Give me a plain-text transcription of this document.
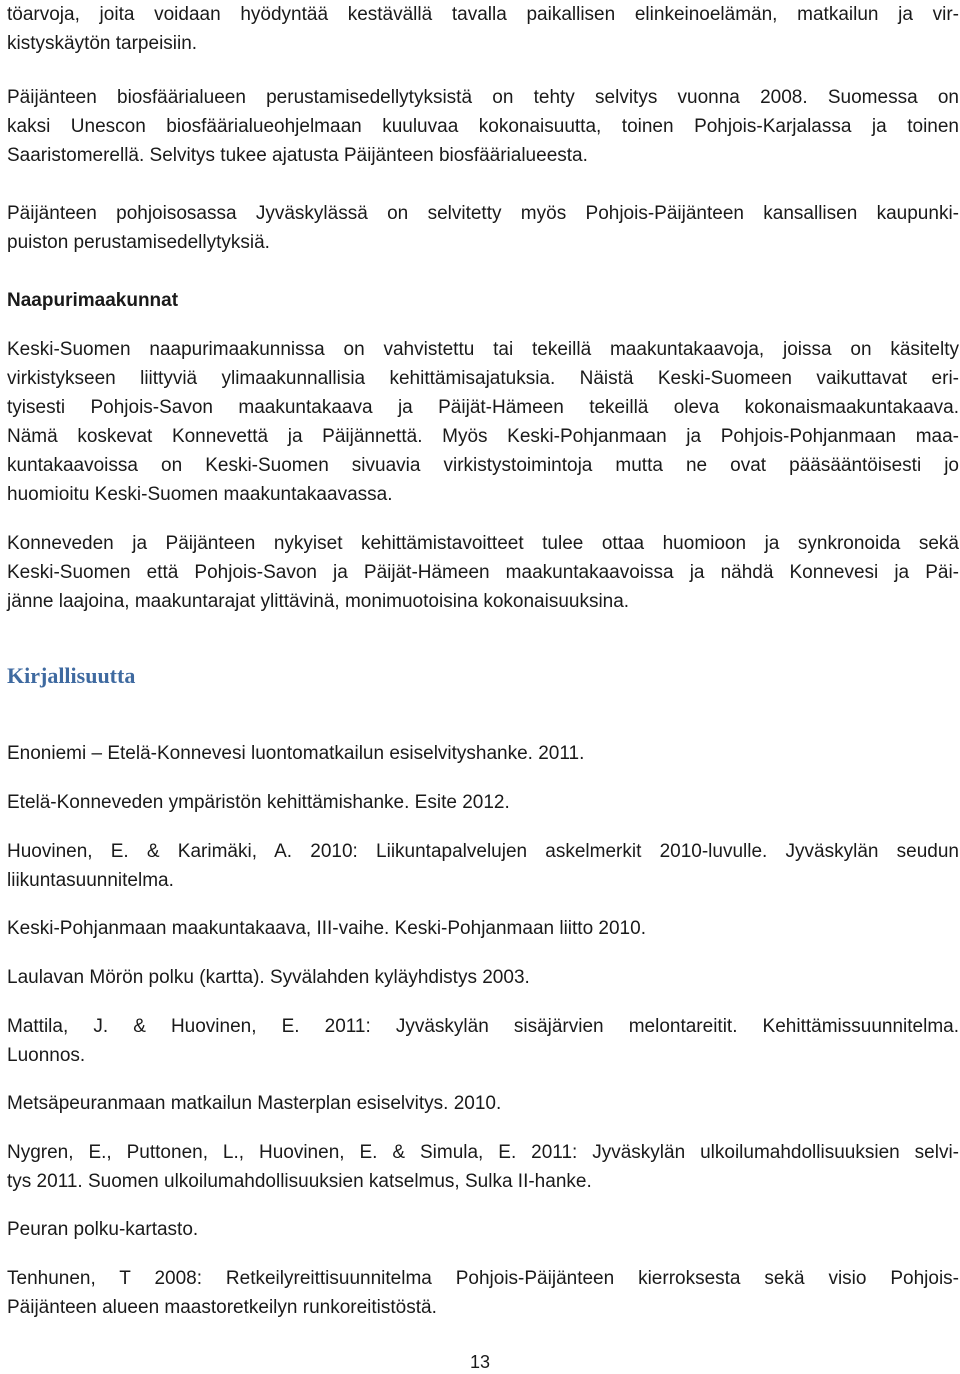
töarvoja, joita voidaan hyödyntää kestävällä tavalla paikallisen elinkeinoelämän, matkailun ja vir-
kistyskäytön tarpeisiin.

Päijänteen biosfäärialueen perustamisedellytyksistä on tehty selvitys vuonna 2008. Suomessa on
kaksi Unescon biosfäärialueohjelmaan kuuluvaa kokonaisuutta, toinen Pohjois-Karjalassa ja toinen
Saaristomerellä. Selvitys tukee ajatusta Päijänteen biosfäärialueesta.

Päijänteen pohjoisosassa Jyväskylässä on selvitetty myös Pohjois-Päijänteen kansallisen kaupunki-
puiston perustamisedellytyksiä.

Naapurimaakunnat

Keski-Suomen naapurimaakunnissa on vahvistettu tai tekeillä maakuntakaavoja, joissa on käsitelty
virkistykseen liittyviä ylimaakunnallisia kehittämisajatuksia. Näistä Keski-Suomeen vaikuttavat eri-
tyisesti Pohjois-Savon maakuntakaava ja Päijät-Hämeen tekeillä oleva kokonaismaakuntakaava.
Nämä koskevat Konnevettä ja Päijännettä. Myös Keski-Pohjanmaan ja Pohjois-Pohjanmaan maa-
kuntakaavoissa on Keski-Suomen sivuavia virkistystoimintoja mutta ne ovat pääsääntöisesti jo
huomioitu Keski-Suomen maakuntakaavassa.

Konneveden ja Päijänteen nykyiset kehittämistavoitteet tulee ottaa huomioon ja synkronoida sekä
Keski-Suomen että Pohjois-Savon ja Päijät-Hämeen maakuntakaavoissa ja nähdä Konnevesi ja Päi-
jänne laajoina, maakuntarajat ylittävinä, monimuotoisina kokonaisuuksina.

Kirjallisuutta

Enoniemi – Etelä-Konnevesi luontomatkailun esiselvityshanke. 2011.

Etelä-Konneveden ympäristön kehittämishanke. Esite 2012.

Huovinen, E. & Karimäki, A. 2010: Liikuntapalvelujen askelmerkit 2010-luvulle. Jyväskylän seudun
liikuntasuunnitelma.

Keski-Pohjanmaan maakuntakaava, III-vaihe. Keski-Pohjanmaan liitto 2010.

Laulavan Mörön polku (kartta). Syvälahden kyläyhdistys 2003.

Mattila, J. & Huovinen, E. 2011: Jyväskylän sisäjärvien melontareitit. Kehittämissuunnitelma.
Luonnos.

Metsäpeuranmaan matkailun Masterplan esiselvitys. 2010.

Nygren, E., Puttonen, L., Huovinen, E. & Simula, E. 2011: Jyväskylän ulkoilumahdollisuuksien selvi-
tys 2011. Suomen ulkoilumahdollisuuksien katselmus, Sulka II-hanke.

Peuran polku-kartasto.

Tenhunen, T 2008: Retkeilyreittisuunnitelma Pohjois-Päijänteen kierroksesta sekä visio Pohjois-
Päijänteen alueen maastoretkeilyn runkoreitistöstä.

13
